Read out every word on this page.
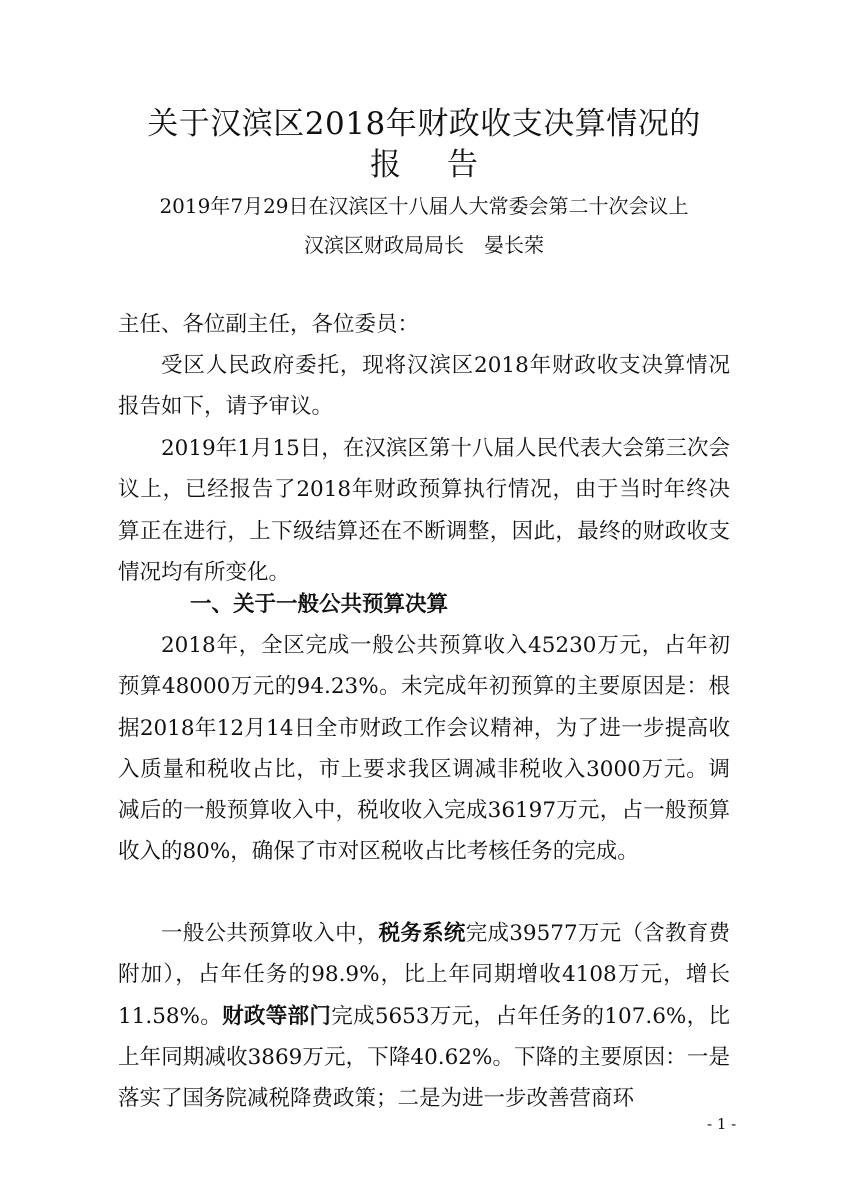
关于汉滨区2018年财政收支决算情况的
报告
2019年7月29日在汉滨区十八届人大常委会第二十次会议上
汉滨区财政局局长　晏长荣

主任、各位副主任，各位委员：

受区人民政府委托，现将汉滨区2018年财政收支决算情况报告如下，请予审议。

2019年1月15日，在汉滨区第十八届人民代表大会第三次会议上，已经报告了2018年财政预算执行情况，由于当时年终决算正在进行，上下级结算还在不断调整，因此，最终的财政收支情况均有所变化。

一、关于一般公共预算决算

2018年，全区完成一般公共预算收入45230万元，占年初预算48000万元的94.23%。未完成年初预算的主要原因是：根据2018年12月14日全市财政工作会议精神，为了进一步提高收入质量和税收占比，市上要求我区调减非税收入3000万元。调减后的一般预算收入中，税收收入完成36197万元，占一般预算收入的80%，确保了市对区税收占比考核任务的完成。

一般公共预算收入中，税务系统完成39577万元（含教育费附加），占年任务的98.9%，比上年同期增收4108万元，增长11.58%。财政等部门完成5653万元，占年任务的107.6%，比上年同期减收3869万元，下降40.62%。下降的主要原因：一是落实了国务院减税降费政策；二是为进一步改善营商环

- 1 -
